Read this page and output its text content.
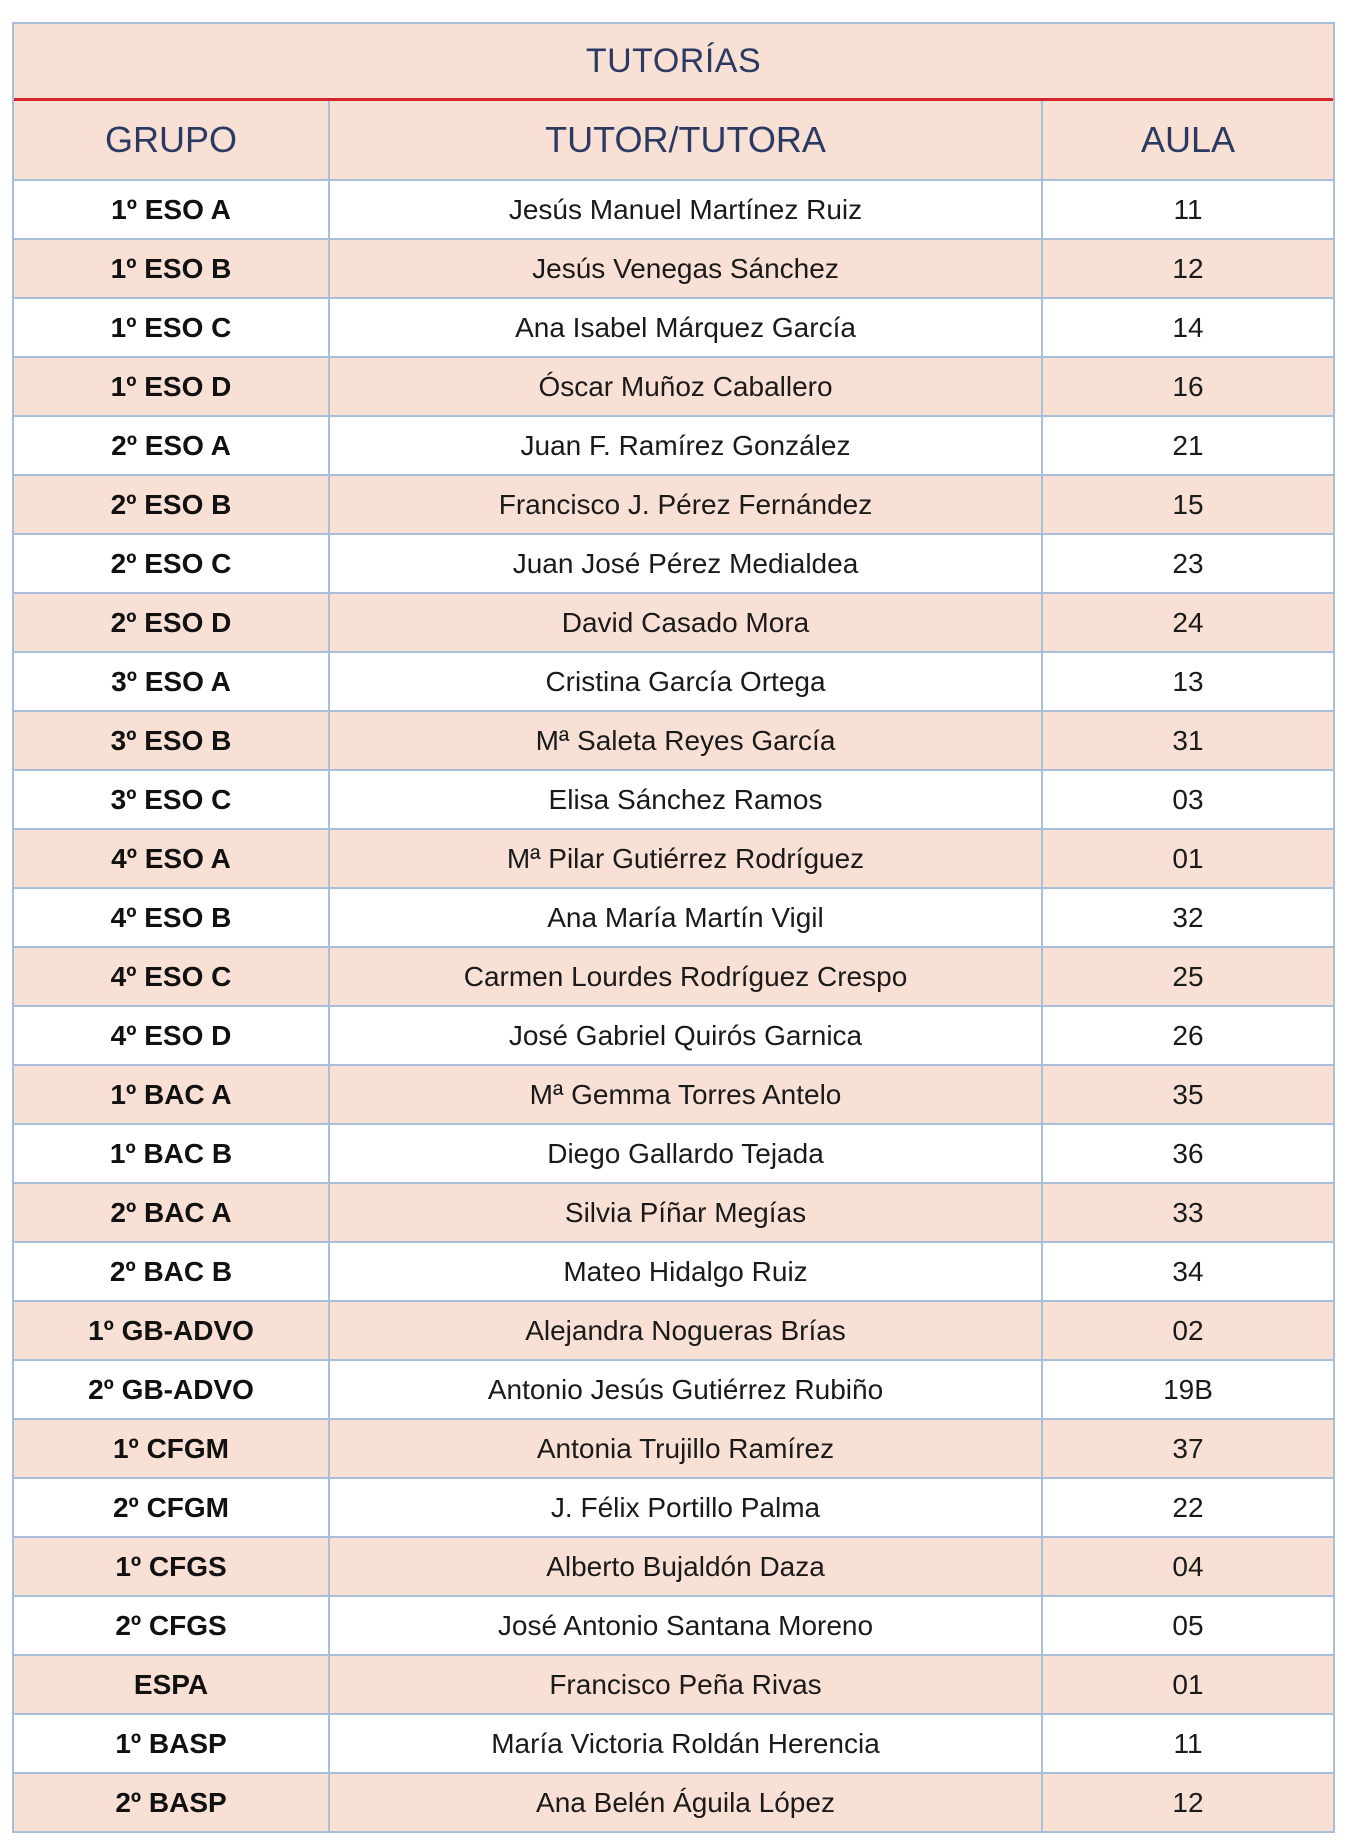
TUTORÍAS
GRUPO	TUTOR/TUTORA	AULA
1º ESO A	Jesús Manuel Martínez Ruiz	11
1º ESO B	Jesús Venegas Sánchez	12
1º ESO C	Ana Isabel Márquez García	14
1º ESO D	Óscar Muñoz Caballero	16
2º ESO A	Juan F. Ramírez González	21
2º ESO B	Francisco J. Pérez Fernández	15
2º ESO C	Juan José Pérez Medialdea	23
2º ESO D	David Casado Mora	24
3º ESO A	Cristina García Ortega	13
3º ESO B	Mª Saleta Reyes García	31
3º ESO C	Elisa Sánchez Ramos	03
4º ESO A	Mª Pilar Gutiérrez Rodríguez	01
4º ESO B	Ana María Martín Vigil	32
4º ESO C	Carmen Lourdes Rodríguez Crespo	25
4º ESO D	José Gabriel Quirós Garnica	26
1º BAC A	Mª Gemma Torres Antelo	35
1º BAC B	Diego Gallardo Tejada	36
2º BAC A	Silvia Píñar Megías	33
2º BAC B	Mateo Hidalgo Ruiz	34
1º GB-ADVO	Alejandra Nogueras Brías	02
2º GB-ADVO	Antonio Jesús Gutiérrez Rubiño	19B
1º CFGM	Antonia Trujillo Ramírez	37
2º CFGM	J. Félix Portillo Palma	22
1º CFGS	Alberto Bujaldón Daza	04
2º CFGS	José Antonio Santana Moreno	05
ESPA	Francisco Peña Rivas	01
1º BASP	María Victoria Roldán Herencia	11
2º BASP	Ana Belén Águila López	12
